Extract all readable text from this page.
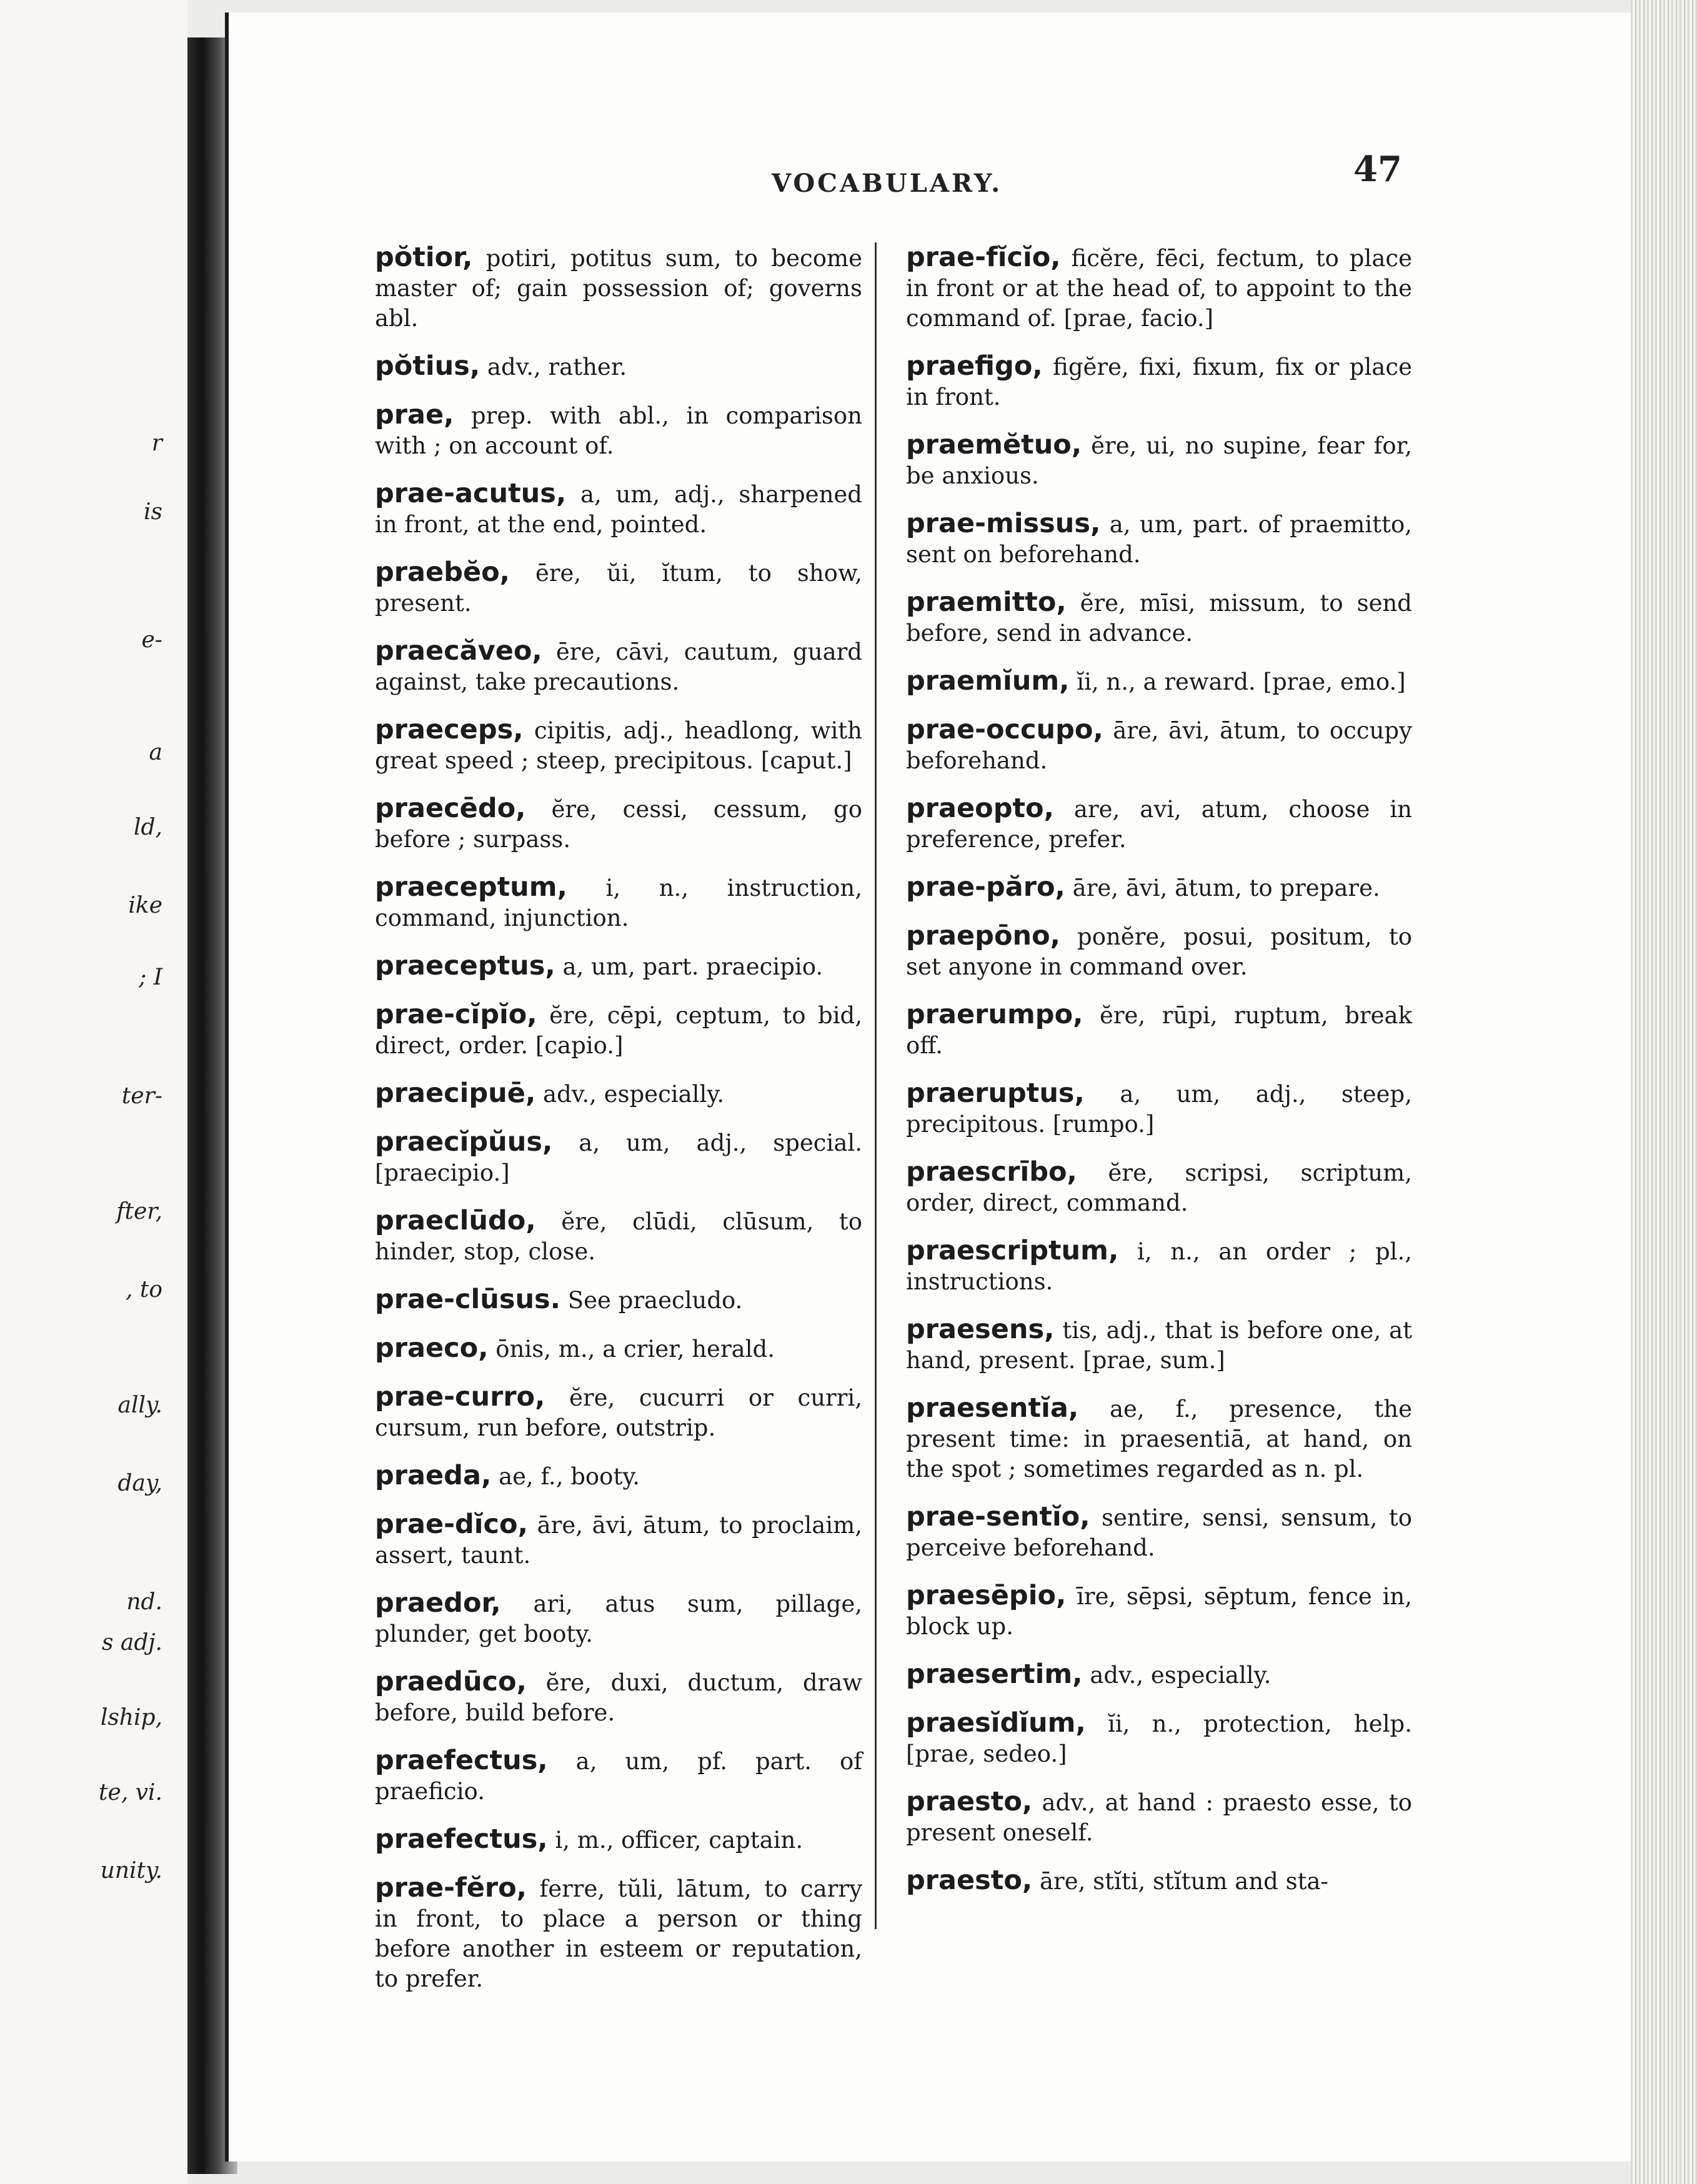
r
is
e-
a
ld,
ike
; I
ter-
fter,
, to
ally.
day,
nd.
s adj.
lship,
te, vi.
unity.
VOCABULARY.	47
pŏtior, potiri, potitus sum, to become master of; gain possession of; governs abl.
pŏtius, adv., rather.
prae, prep. with abl., in comparison with ; on account of.
prae-acutus, a, um, adj., sharpened in front, at the end, pointed.
praebĕo, ēre, ŭi, ĭtum, to show, present.
praecăveo, ēre, cāvi, cautum, guard against, take precautions.
praeceps, cipitis, adj., headlong, with great speed ; steep, precipitous. [caput.]
praecēdo, ĕre, cessi, cessum, go before ; surpass.
praeceptum, i, n., instruction, command, injunction.
praeceptus, a, um, part. praecipio.
prae-cĭpĭo, ĕre, cēpi, ceptum, to bid, direct, order. [capio.]
praecipuē, adv., especially.
praecĭpŭus, a, um, adj., special. [praecipio.]
praeclūdo, ĕre, clūdi, clūsum, to hinder, stop, close.
prae-clūsus. See praecludo.
praeco, ōnis, m., a crier, herald.
prae-curro, ĕre, cucurri or curri, cursum, run before, outstrip.
praeda, ae, f., booty.
prae-dĭco, āre, āvi, ātum, to proclaim, assert, taunt.
praedor, ari, atus sum, pillage, plunder, get booty.
praedūco, ĕre, duxi, ductum, draw before, build before.
praefectus, a, um, pf. part. of praeficio.
praefectus, i, m., officer, captain.
prae-fĕro, ferre, tŭli, lātum, to carry in front, to place a person or thing before another in esteem or reputation, to prefer.
prae-fĭcĭo, ficĕre, fēci, fectum, to place in front or at the head of, to appoint to the command of. [prae, facio.]
praefigo, figĕre, fixi, fixum, fix or place in front.
praemĕtuo, ĕre, ui, no supine, fear for, be anxious.
prae-missus, a, um, part. of praemitto, sent on beforehand.
praemitto, ĕre, mīsi, missum, to send before, send in advance.
praemĭum, ĭi, n., a reward. [prae, emo.]
prae-occupo, āre, āvi, ātum, to occupy beforehand.
praeopto, are, avi, atum, choose in preference, prefer.
prae-păro, āre, āvi, ātum, to prepare.
praepōno, ponĕre, posui, positum, to set anyone in command over.
praerumpo, ĕre, rūpi, ruptum, break off.
praeruptus, a, um, adj., steep, precipitous. [rumpo.]
praescrībo, ĕre, scripsi, scriptum, order, direct, command.
praescriptum, i, n., an order ; pl., instructions.
praesens, tis, adj., that is before one, at hand, present. [prae, sum.]
praesentĭa, ae, f., presence, the present time: in praesentiā, at hand, on the spot ; sometimes regarded as n. pl.
prae-sentĭo, sentire, sensi, sensum, to perceive beforehand.
praesēpio, īre, sēpsi, sēptum, fence in, block up.
praesertim, adv., especially.
praesĭdĭum, ĭi, n., protection, help. [prae, sedeo.]
praesto, adv., at hand : praesto esse, to present oneself.
praesto, āre, stĭti, stĭtum and sta-
